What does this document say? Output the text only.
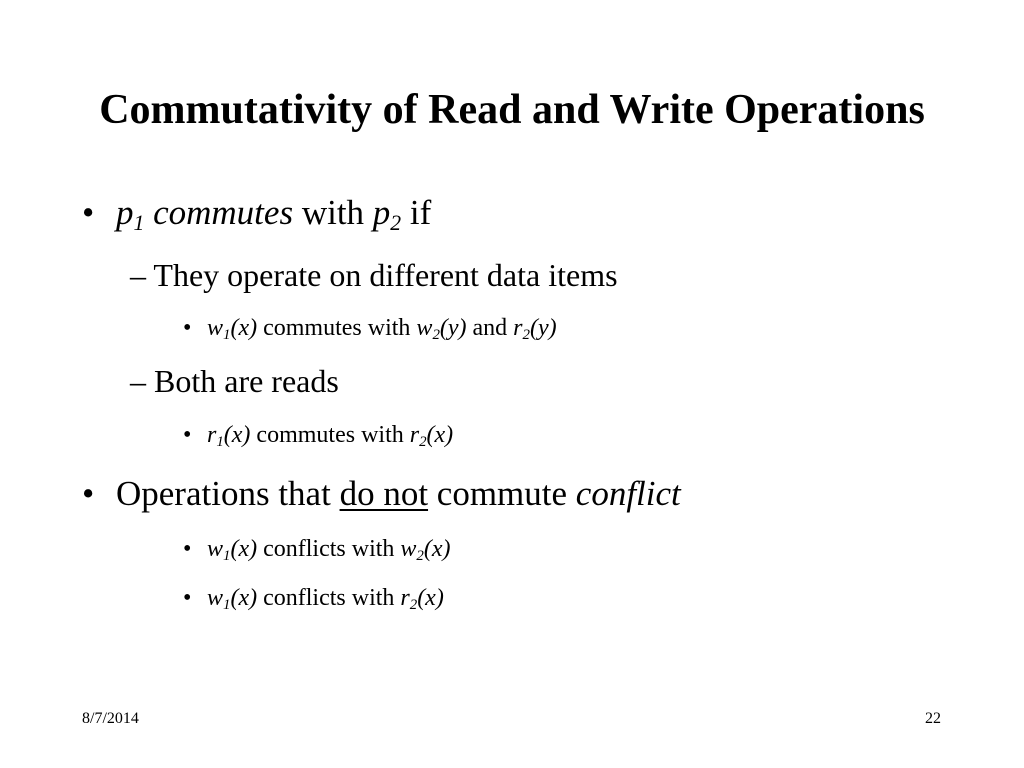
Commutativity of Read and Write Operations
• $p_1$ commutes with $p_2$ if
– They operate on different data items
• $w_1(x)$ commutes with $w_2(y)$ and $r_2(y)$
– Both are reads
• $r_1(x)$ commutes with $r_2(x)$
• Operations that do not commute conflict
• $w_1(x)$ conflicts with $w_2(x)$
• $w_1(x)$ conflicts with $r_2(x)$
8/7/2014	22
